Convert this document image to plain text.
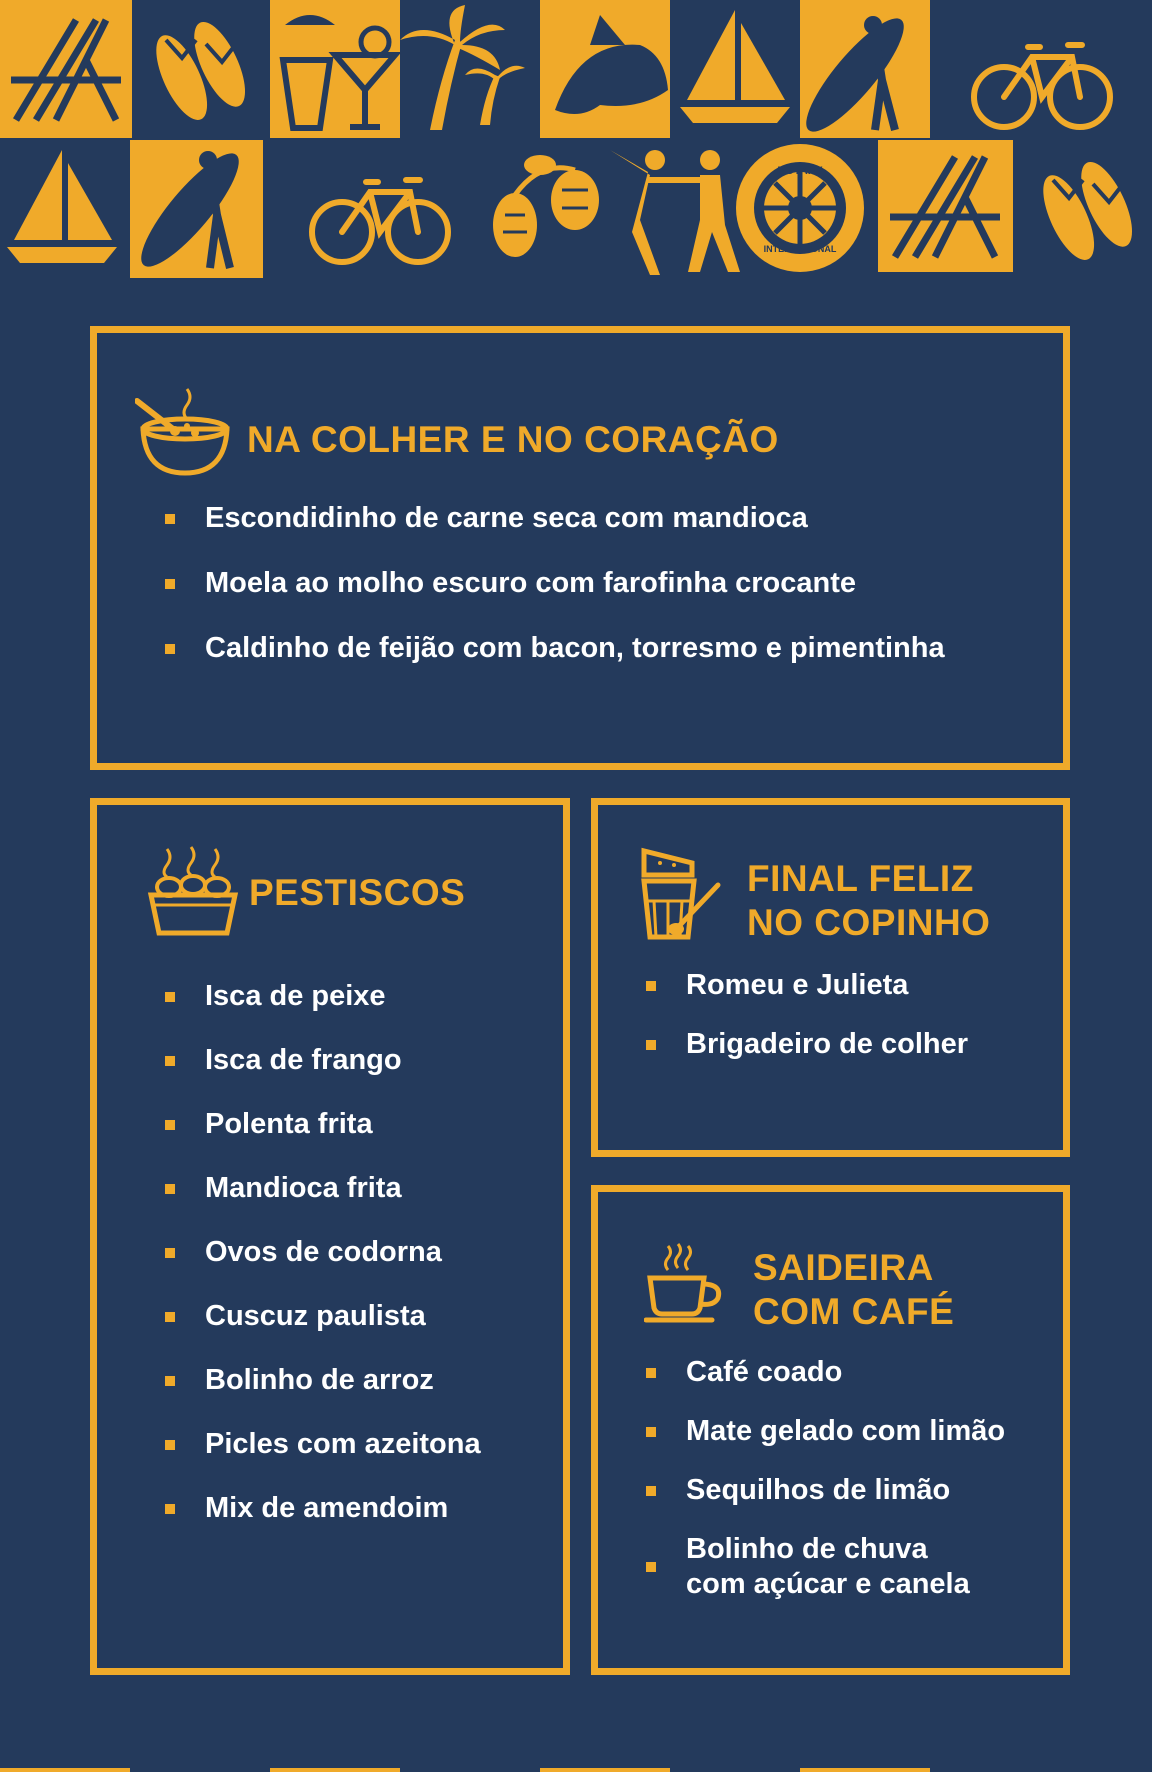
ROTARY
INTERNATIONAL
NA COLHER E NO CORAÇÃO
Escondidinho de carne seca com mandioca
Moela ao molho escuro com farofinha crocante
Caldinho de feijão com bacon, torresmo e pimentinha
PESTISCOS
Isca de peixe
Isca de frango
Polenta frita
Mandioca frita
Ovos de codorna
Cuscuz paulista
Bolinho de arroz
Picles com azeitona
Mix de amendoim
FINAL FELIZ
NO COPINHO
Romeu e Julieta
Brigadeiro de colher
SAIDEIRA
COM CAFÉ
Café coado
Mate gelado com limão
Sequilhos de limão
Bolinho de chuva
com açúcar e canela
